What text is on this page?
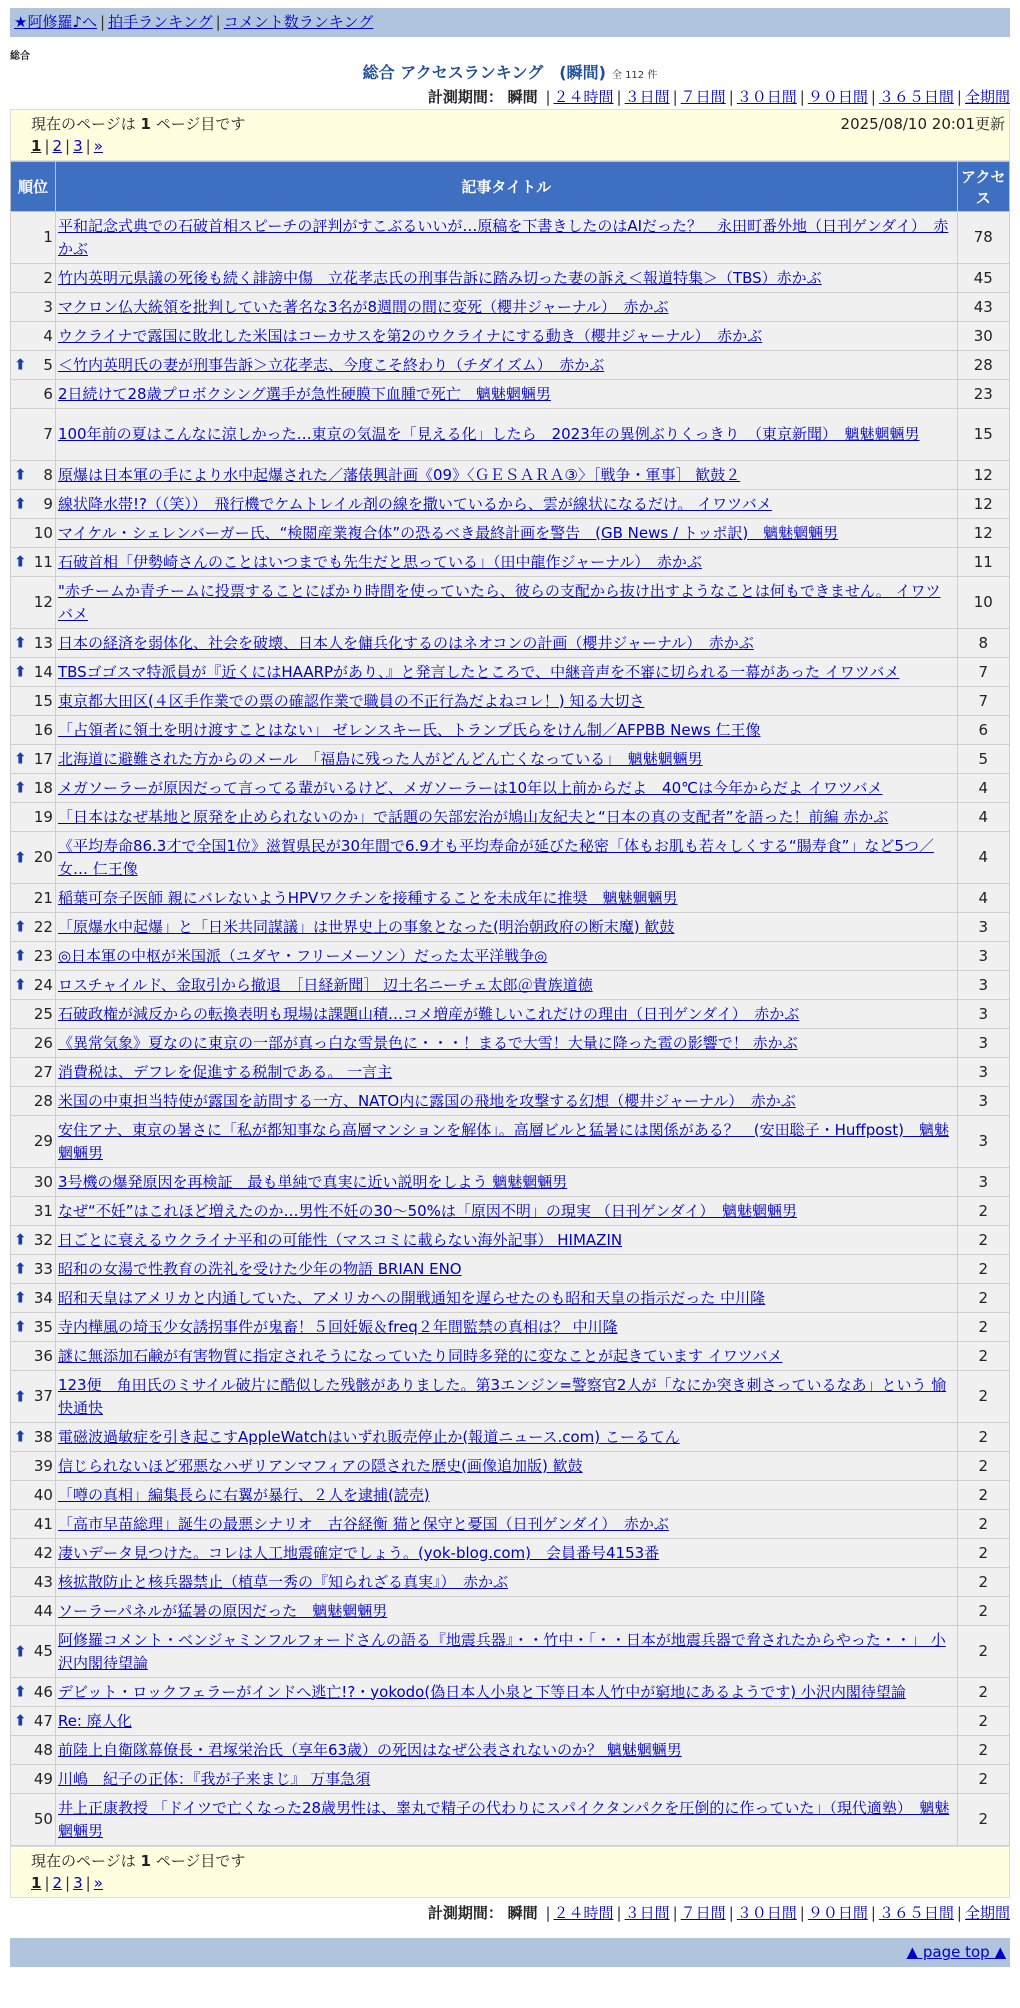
★阿修羅♪へ | 拍手ランキング | コメント数ランキング
総合
総合 アクセスランキング　(瞬間) 全 112 件
計測期間： 瞬間 | ２４時間 | ３日間 | ７日間 | ３０日間 | ９０日間 | ３６５日間 | 全期間
現在のページは 1 ページ目です	2025/08/10 20:01更新
1 | 2 | 3 | »
順位	記事タイトル	アクセス
1	平和記念式典での石破首相スピーチの評判がすこぶるいいが…原稿を下書きしたのはAIだった？　永田町番外地（日刊ゲンダイ）　赤かぶ	78
2	竹内英明元県議の死後も続く誹謗中傷　立花孝志氏の刑事告訴に踏み切った妻の訴え＜報道特集＞（TBS）赤かぶ	45
3	マクロン仏大統領を批判していた著名な3名が8週間の間に変死（櫻井ジャーナル）　赤かぶ	43
4	ウクライナで露国に敗北した米国はコーカサスを第2のウクライナにする動き（櫻井ジャーナル）　赤かぶ	30

⬆ 5	＜竹内英明氏の妻が刑事告訴＞立花孝志、今度こそ終わり（チダイズム）　赤かぶ	28
6	2日続けて28歳プロボクシング選手が急性硬膜下血腫で死亡　魑魅魍魎男	23
7	100年前の夏はこんなに涼しかった…東京の気温を「見える化」したら　2023年の異例ぶりくっきり　（東京新聞）　魑魅魍魎男	15

⬆ 8	原爆は日本軍の手により水中起爆された／藩俵興計画《09》〈ＧＥＳＡＲＡ③〉［戦争・軍事］ 歓鼓２	12

⬆ 9	線状降水帯!?（（笑））　飛行機でケムトレイル剤の線を撒いているから、雲が線状になるだけ。 イワツバメ	12
10	マイケル・シェレンバーガー氏、“検閲産業複合体”の恐るべき最終計画を警告　(GB News / トッポ訳)　魑魅魍魎男	12

⬆ 11	石破首相「伊勢崎さんのことはいつまでも先生だと思っている」（田中龍作ジャーナル）　赤かぶ	11
12	"赤チームか青チームに投票することにばかり時間を使っていたら、彼らの支配から抜け出すようなことは何もできません。 イワツバメ	10

⬆ 13	日本の経済を弱体化、社会を破壊、日本人を傭兵化するのはネオコンの計画（櫻井ジャーナル）　赤かぶ	8

⬆ 14	TBSゴゴスマ特派員が『近くにはHAARPがあり、』と発言したところで、中継音声を不審に切られる一幕があった イワツバメ	7
15	東京都大田区(４区手作業での票の確認作業で職員の不正行為だよねコレ！) 知る大切さ	7
16	「占領者に領土を明け渡すことはない」 ゼレンスキー氏、トランプ氏らをけん制／AFPBB News 仁王像	6

⬆ 17	北海道に避難された方からのメール　「福島に残った人がどんどん亡くなっている」　魑魅魍魎男	5

⬆ 18	メガソーラーが原因だって言ってる輩がいるけど、メガソーラーは10年以上前からだよ　40℃は今年からだよ イワツバメ	4
19	「日本はなぜ基地と原発を止められないのか」で話題の矢部宏治が鳩山友紀夫と“日本の真の支配者”を語った！前編 赤かぶ	4

⬆ 20	《平均寿命86.3才で全国1位》滋賀県民が30年間で6.9才も平均寿命が延びた秘密「体もお肌も若々しくする“腸寿食”」など5つ／女… 仁王像	4
21	稲葉可奈子医師 親にバレないようHPVワクチンを接種することを未成年に推奨　魑魅魍魎男	4

⬆ 22	「原爆水中起爆」と「日米共同謀議」は世界史上の事象となった(明治朝政府の断末魔) 歓鼓	3

⬆ 23	◎日本軍の中枢が米国派（ユダヤ・フリーメーソン）だった太平洋戦争◎	3

⬆ 24	ロスチャイルド、金取引から撤退　［日経新聞］ 辺土名ニーチェ太郎＠貴族道徳	3
25	石破政権が減反からの転換表明も現場は課題山積…コメ増産が難しいこれだけの理由（日刊ゲンダイ）　赤かぶ	3
26	《異常気象》夏なのに東京の一部が真っ白な雪景色に・・・！まるで大雪！大量に降った雹の影響で！ 赤かぶ	3
27	消費税は、デフレを促進する税制である。 一言主	3
28	米国の中東担当特使が露国を訪問する一方、NATO内に露国の飛地を攻撃する幻想（櫻井ジャーナル）　赤かぶ	3
29	安住アナ、東京の暑さに「私が都知事なら高層マンションを解体」。高層ビルと猛暑には関係がある？　(安田聡子・Huffpost)　魑魅魍魎男	3
30	3号機の爆発原因を再検証　最も単純で真実に近い説明をしよう 魑魅魍魎男	3
31	なぜ“不妊”はこれほど増えたのか…男性不妊の30～50%は「原因不明」の現実 （日刊ゲンダイ）　魑魅魍魎男	2

⬆ 32	日ごとに衰えるウクライナ平和の可能性（マスコミに載らない海外記事） HIMAZIN	2

⬆ 33	昭和の女湯で性教育の洗礼を受けた少年の物語 BRIAN ENO	2

⬆ 34	昭和天皇はアメリカと内通していた、アメリカへの開戦通知を遅らせたのも昭和天皇の指示だった 中川隆	2

⬆ 35	寺内樺風の埼玉少女誘拐事件が鬼畜！５回妊娠＆freq２年間監禁の真相は？ 中川隆	2
36	謎に無添加石鹸が有害物質に指定されそうになっていたり同時多発的に変なことが起きています イワツバメ	2

⬆ 37	123便　角田氏のミサイル破片に酷似した残骸がありました。第3エンジン=警察官2人が「なにか突き刺さっているなあ」という 愉快通快	2

⬆ 38	電磁波過敏症を引き起こすAppleWatchはいずれ販売停止か(報道ニュース.com) こーるてん	2
39	信じられないほど邪悪なハザリアンマフィアの隠された歴史(画像追加版) 歓鼓	2
40	「噂の真相」編集長らに右翼が暴行、２人を逮捕(読売)	2
41	「高市早苗総理」誕生の最悪シナリオ　古谷経衡 猫と保守と憂国（日刊ゲンダイ）　赤かぶ	2
42	凄いデータ見つけた。コレは人工地震確定でしょう。(yok-blog.com)　会員番号4153番	2
43	核拡散防止と核兵器禁止（植草一秀の『知られざる真実』）　赤かぶ	2
44	ソーラーパネルが猛暑の原因だった　魑魅魍魎男	2

⬆ 45	阿修羅コメント・ベンジャミンフルフォードさんの語る『地震兵器』・・竹中・「・・日本が地震兵器で脅されたからやった・・」 小沢内閣待望論	2

⬆ 46	デビット・ロックフェラーがインドへ逃亡!?・yokodo(偽日本人小泉と下等日本人竹中が窮地にあるようです) 小沢内閣待望論	2

⬆ 47	Re: 廃人化	2
48	前陸上自衛隊幕僚長・君塚栄治氏（享年63歳）の死因はなぜ公表されないのか？ 魑魅魍魎男	2
49	川嶋　紀子の正体：『我が子来まじ』 万事急須	2
50	井上正康教授 「ドイツで亡くなった28歳男性は、睾丸で精子の代わりにスパイクタンパクを圧倒的に作っていた」（現代適塾）　魑魅魍魎男	2
現在のページは 1 ページ目です
1 | 2 | 3 | »
計測期間： 瞬間 | ２４時間 | ３日間 | ７日間 | ３０日間 | ９０日間 | ３６５日間 | 全期間
▲ page top ▲
